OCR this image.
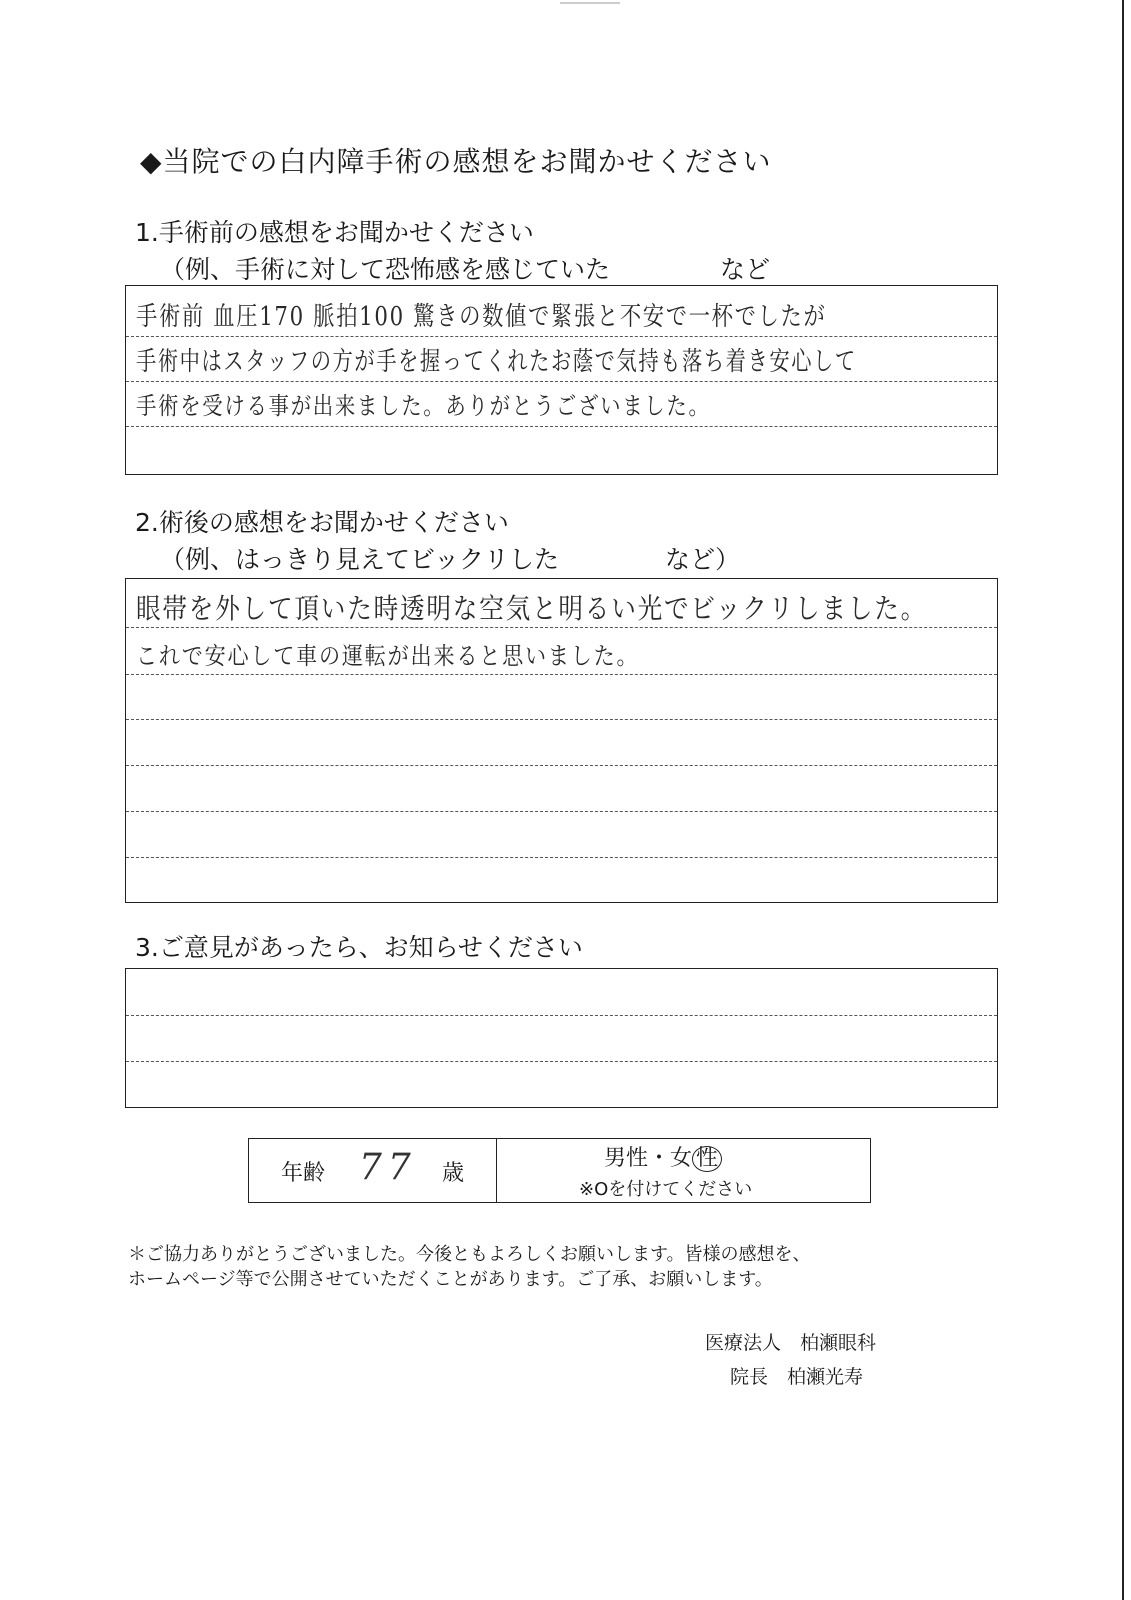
◆当院での白内障手術の感想をお聞かせください
1.手術前の感想をお聞かせください
（例、手術に対して恐怖感を感じていた	など
手術前 血圧170 脈拍100 驚きの数値で緊張と不安で一杯でしたが
手術中はスタッフの方が手を握ってくれたお蔭で気持も落ち着き安心して
手術を受ける事が出来ました。ありがとうございました。
2.術後の感想をお聞かせください
（例、はっきり見えてビックリした	など）
眼帯を外して頂いた時透明な空気と明るい光でビックリしました。
これで安心して車の運転が出来ると思いました。
3.ご意見があったら、お知らせください
年齢 77 歳
男性・女 性
※Oを付けてください
＊ご協力ありがとうございました。今後ともよろしくお願いします。皆様の感想を、
ホームページ等で公開させていただくことがあります。ご了承、お願いします。
医療法人　柏瀬眼科
院長　柏瀬光寿
